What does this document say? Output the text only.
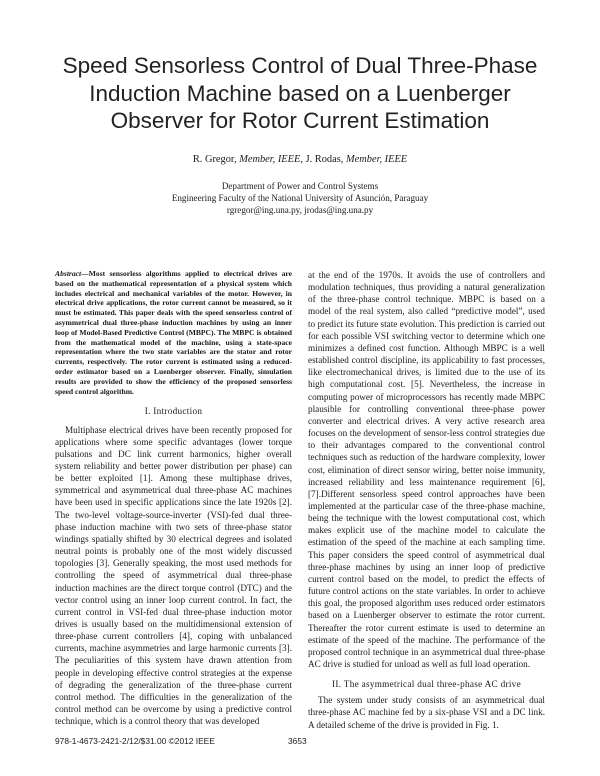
Speed Sensorless Control of Dual Three-Phase Induction Machine based on a Luenberger Observer for Rotor Current Estimation
R. Gregor, Member, IEEE, J. Rodas, Member, IEEE
Department of Power and Control Systems
Engineering Faculty of the National University of Asunción, Paraguay
rgregor@ing.una.py, jrodas@ing.una.py

Abstract—Most sensorless algorithms applied to electrical drives are based on the mathematical representation of a physical system which includes electrical and mechanical variables of the motor. However, in electrical drive applications, the rotor current cannot be measured, so it must be estimated. This paper deals with the speed sensorless control of asymmetrical dual three-phase induction machines by using an inner loop of Model-Based Predictive Control (MBPC). The MBPC is obtained from the mathematical model of the machine, using a state-space representation where the two state variables are the stator and rotor currents, respectively. The rotor current is estimated using a reduced-order estimator based on a Luenberger observer. Finally, simulation results are provided to show the efficiency of the proposed sensorless speed control algorithm.

I. Introduction

Multiphase electrical drives have been recently proposed for applications where some specific advantages (lower torque pulsations and DC link current harmonics, higher overall system reliability and better power distribution per phase) can be better exploited [1]. Among these multiphase drives, symmetrical and asymmetrical dual three-phase AC machines have been used in specific applications since the late 1920s [2]. The two-level voltage-source-inverter (VSI)-fed dual three-phase induction machine with two sets of three-phase stator windings spatially shifted by 30 electrical degrees and isolated neutral points is probably one of the most widely discussed topologies [3]. Generally speaking, the most used methods for controlling the speed of asymmetrical dual three-phase induction machines are the direct torque control (DTC) and the vector control using an inner loop current control. In fact, the current control in VSI-fed dual three-phase induction motor drives is usually based on the multidimensional extension of three-phase current controllers [4], coping with unbalanced currents, machine asymmetries and large harmonic currents [3]. The peculiarities of this system have drawn attention from people in developing effective control strategies at the expense of degrading the generalization of the three-phase current control method. The difficulties in the generalization of the control method can be overcome by using a predictive control technique, which is a control theory that was developed

at the end of the 1970s. It avoids the use of controllers and modulation techniques, thus providing a natural generalization of the three-phase control technique. MBPC is based on a model of the real system, also called “predictive model”, used to predict its future state evolution. This prediction is carried out for each possible VSI switching vector to determine which one minimizes a defined cost function. Although MBPC is a well established control discipline, its applicability to fast processes, like electromechanical drives, is limited due to the use of its high computational cost. [5]. Nevertheless, the increase in computing power of microprocessors has recently made MBPC plausible for controlling conventional three-phase power converter and electrical drives. A very active research area focuses on the development of sensor-less control strategies due to their advantages compared to the conventional control techniques such as reduction of the hardware complexity, lower cost, elimination of direct sensor wiring, better noise immunity, increased reliability and less maintenance requirement [6], [7].Different sensorless speed control approaches have been implemented at the particular case of the three-phase machine, being the technique with the lowest computational cost, which makes explicit use of the machine model to calculate the estimation of the speed of the machine at each sampling time. This paper considers the speed control of asymmetrical dual three-phase machines by using an inner loop of predictive current control based on the model, to predict the effects of future control actions on the state variables. In order to achieve this goal, the proposed algorithm uses reduced order estimators based on a Luenberger observer to estimate the rotor current. Thereafter the rotor current estimate is used to determine an estimate of the speed of the machine. The performance of the proposed control technique in an asymmetrical dual three-phase AC drive is studied for unload as well as full load operation.

II. The asymmetrical dual three-phase AC drive

The system under study consists of an asymmetrical dual three-phase AC machine fed by a six-phase VSI and a DC link. A detailed scheme of the drive is provided in Fig. 1.

978-1-4673-2421-2/12/$31.00 ©2012 IEEE	3653
